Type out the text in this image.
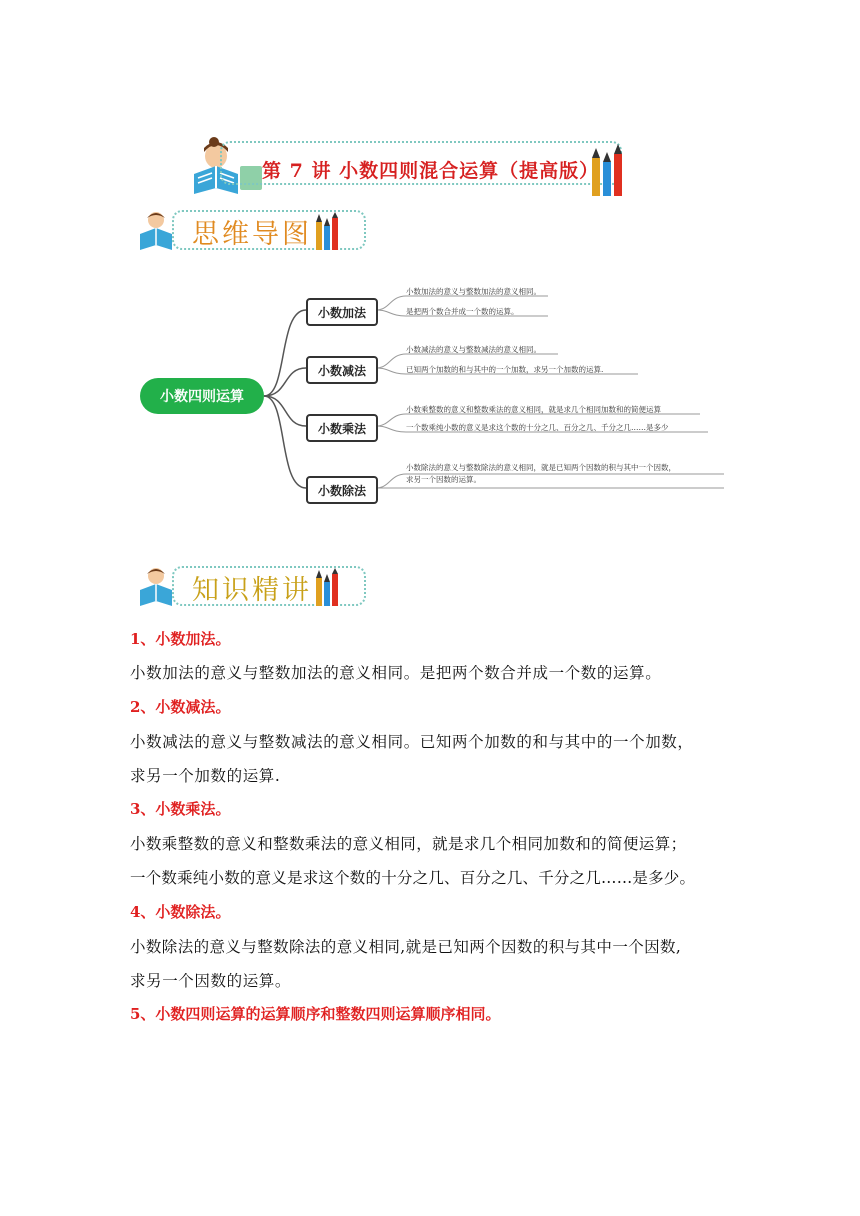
第 7 讲 小数四则混合运算（提高版）
思维导图
小数四则运算
小数加法
小数加法的意义与整数加法的意义相同。
是把两个数合并成一个数的运算。
小数减法
小数减法的意义与整数减法的意义相同。
已知两个加数的和与其中的一个加数，求另一个加数的运算.
小数乘法
小数乘整数的意义和整数乘法的意义相同，就是求几个相同加数和的简便运算
一个数乘纯小数的意义是求这个数的十分之几、百分之几、千分之几……是多少
小数除法
小数除法的意义与整数除法的意义相同，就是已知两个因数的积与其中一个因数，
求另一个因数的运算。
知识精讲
1、小数加法。
小数加法的意义与整数加法的意义相同。是把两个数合并成一个数的运算。
2、小数减法。
小数减法的意义与整数减法的意义相同。已知两个加数的和与其中的一个加数，
求另一个加数的运算.
3、小数乘法。
小数乘整数的意义和整数乘法的意义相同，就是求几个相同加数和的简便运算；
一个数乘纯小数的意义是求这个数的十分之几、百分之几、千分之几……是多少。
4、小数除法。
小数除法的意义与整数除法的意义相同,就是已知两个因数的积与其中一个因数,
求另一个因数的运算。
5、小数四则运算的运算顺序和整数四则运算顺序相同。
